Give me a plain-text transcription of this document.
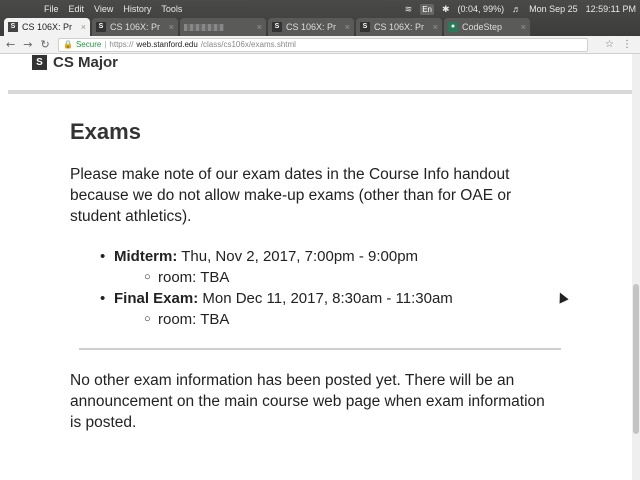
File Edit View History Tools	≋ En ✱ (0:04, 99%) ♬ Mon Sep 25 12:59:11 PM
S CS 106X: Pr ×	S CS 106X: Pr ×	×	S CS 106X: Pr ×	S CS 106X: Pr ×	● CodeStep ×
← → ↻ 🔒 Secure | https:// web.stanford.edu /class/cs106x/exams.shtml	☆ ⋮
S CS Major
Exams

Please make note of our exam dates in the Course Info handout because we do not allow make-up exams (other than for OAE or student athletics).

• Midterm: Thu, Nov 2, 2017, 7:00pm - 9:00pm
○ room: TBA
• Final Exam: Mon Dec 11, 2017, 8:30am - 11:30am
○ room: TBA

No other exam information has been posted yet. There will be an announcement on the main course web page when exam information is posted.
